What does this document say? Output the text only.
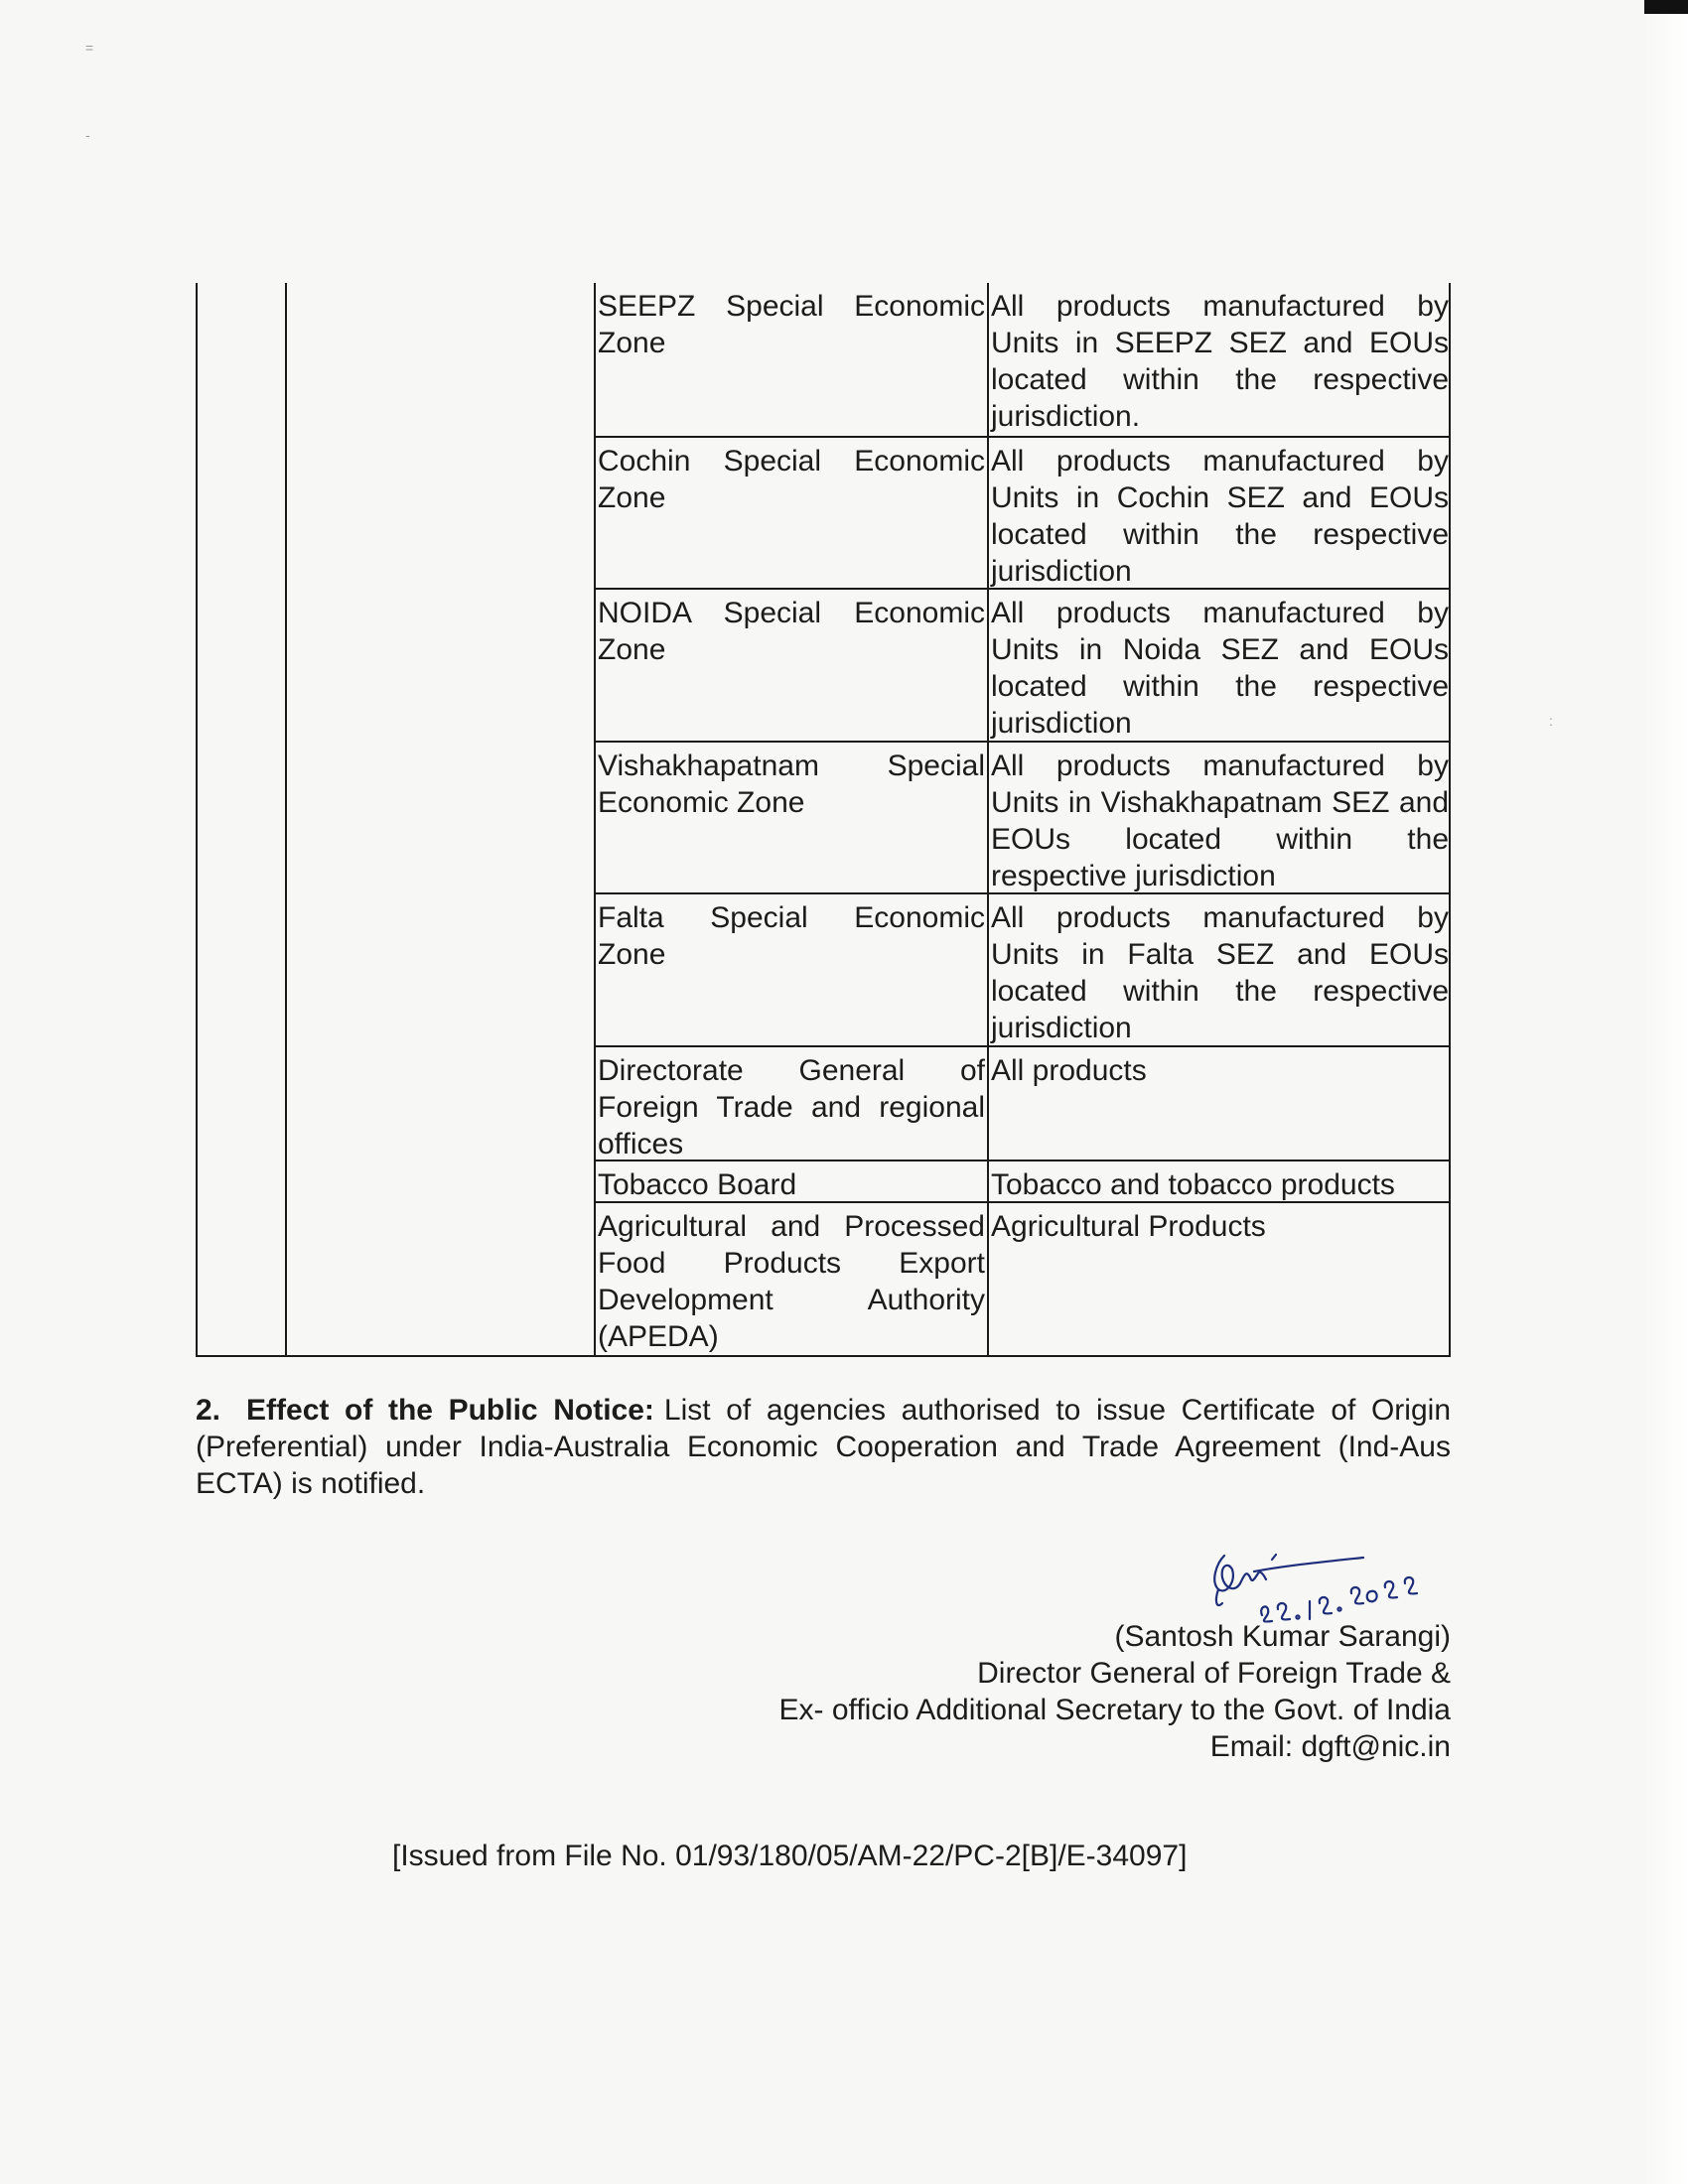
=
-
:
SEEPZ Special Economic Zone
All products manufactured by Units in SEEPZ SEZ and EOUs located within the respective jurisdiction.
Cochin Special Economic Zone
All products manufactured by Units in Cochin SEZ and EOUs located within the respective jurisdiction
NOIDA Special Economic Zone
All products manufactured by Units in Noida SEZ and EOUs located within the respective jurisdiction
Vishakhapatnam Special Economic Zone
All products manufactured by Units in Vishakhapatnam SEZ and EOUs located within the respective jurisdiction
Falta Special Economic Zone
All products manufactured by Units in Falta SEZ and EOUs located within the respective jurisdiction
Directorate General of Foreign Trade and regional offices
All products
Tobacco Board	Tobacco and tobacco products
Agricultural and Processed Food Products Export Development Authority (APEDA)
Agricultural Products
2. Effect of the Public Notice: List of agencies authorised to issue Certificate of Origin (Preferential) under India-Australia Economic Cooperation and Trade Agreement (Ind-Aus ECTA) is notified.
(Santosh Kumar Sarangi)
Director General of Foreign Trade &
Ex- officio Additional Secretary to the Govt. of India
Email: dgft@nic.in
[Issued from File No. 01/93/180/05/AM-22/PC-2[B]/E-34097]
